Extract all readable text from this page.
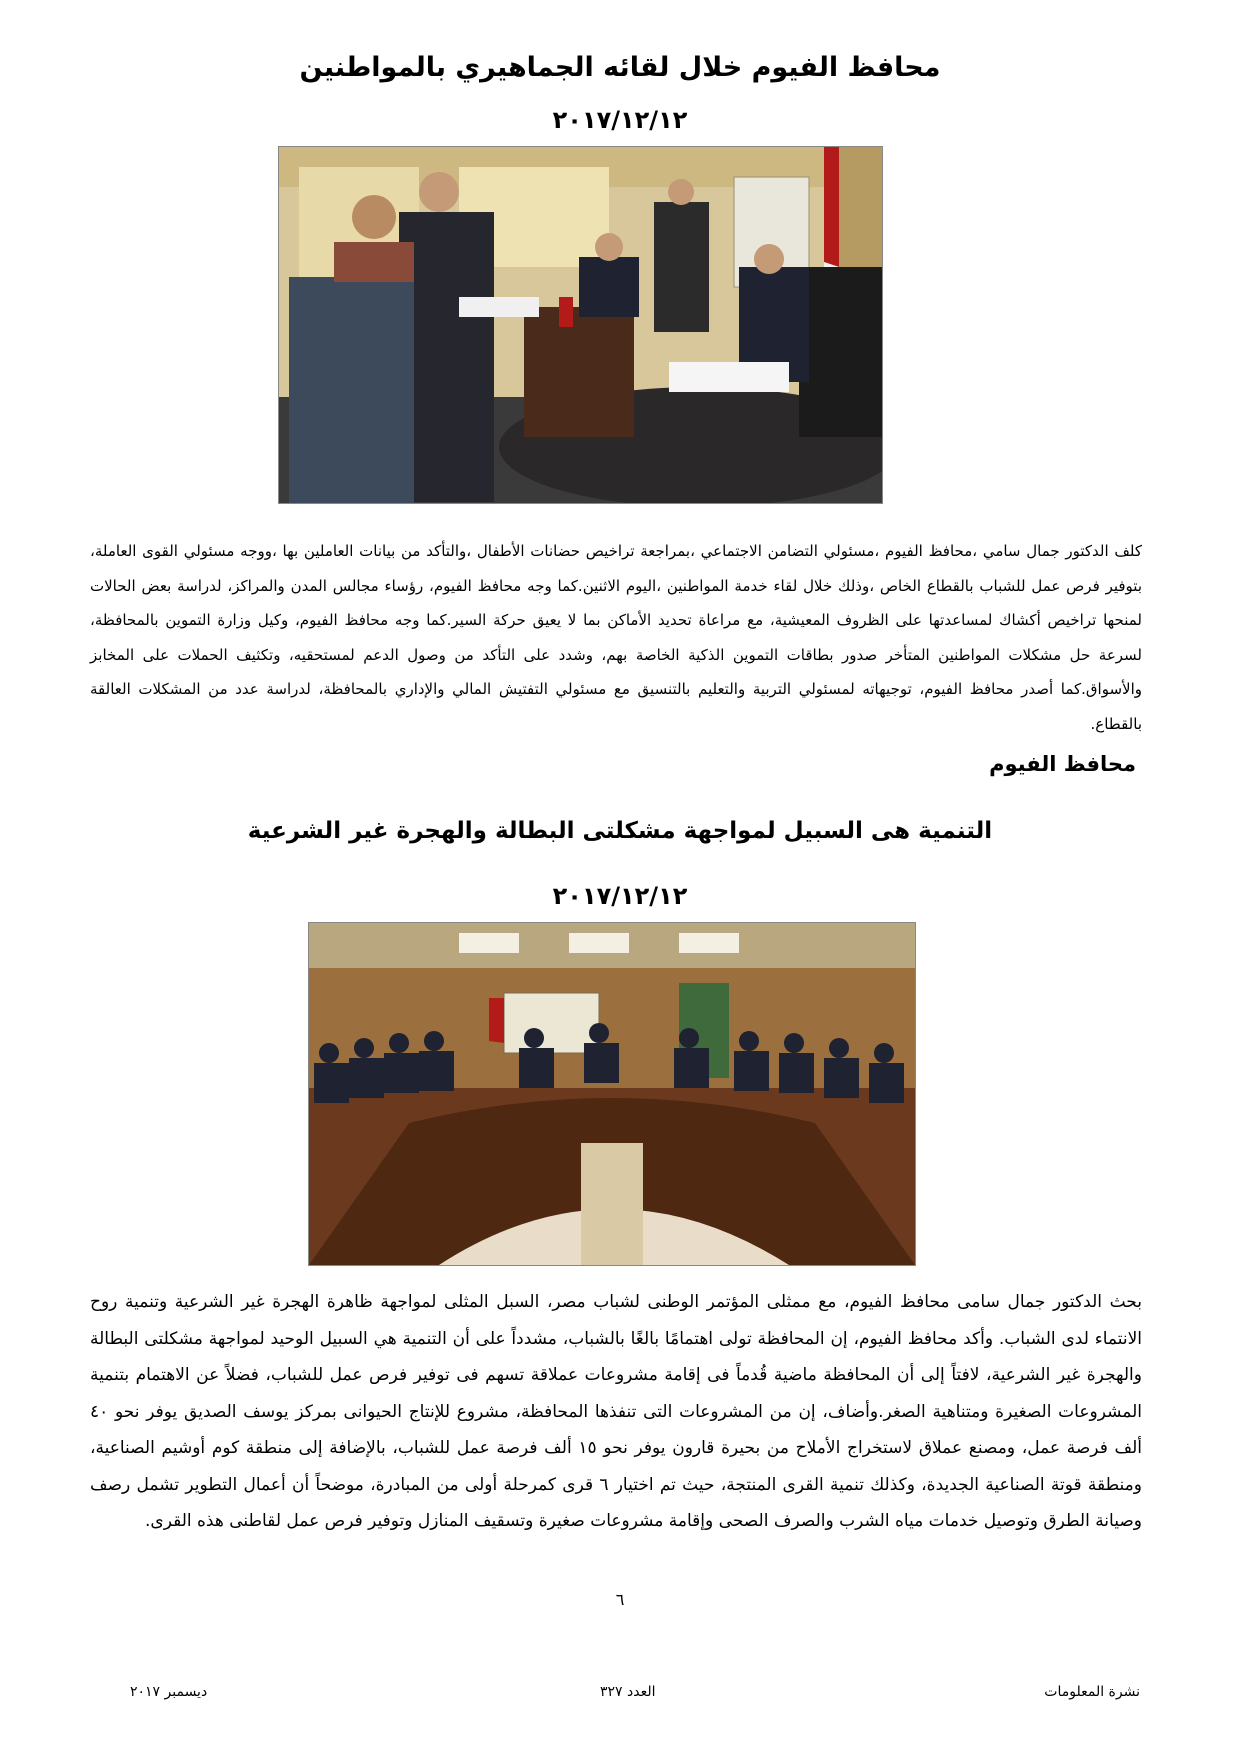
محافظ الفيوم خلال لقائه الجماهيري بالمواطنين
٢٠١٧/١٢/١٢
كلف الدكتور جمال سامي ،محافظ الفيوم ،مسئولي التضامن الاجتماعي ،بمراجعة تراخيص حضانات الأطفال ،والتأكد من بيانات العاملين بها ،ووجه مسئولي القوى العاملة، بتوفير فرص عمل للشباب بالقطاع الخاص ،وذلك خلال لقاء خدمة المواطنين ،اليوم الاثنين.كما وجه محافظ الفيوم، رؤساء مجالس المدن والمراكز، لدراسة بعض الحالات لمنحها تراخيص أكشاك لمساعدتها على الظروف المعيشية، مع مراعاة تحديد الأماكن بما لا يعيق حركة السير.كما وجه محافظ الفيوم، وكيل وزارة التموين بالمحافظة، لسرعة حل مشكلات المواطنين المتأخر صدور بطاقات التموين الذكية الخاصة بهم، وشدد على التأكد من وصول الدعم لمستحقيه، وتكثيف الحملات على المخابز والأسواق.كما أصدر محافظ الفيوم، توجيهاته لمسئولي التربية والتعليم بالتنسيق مع مسئولي التفتيش المالي والإداري بالمحافظة، لدراسة عدد من المشكلات العالقة بالقطاع.
محافظ الفيوم
التنمية هى السبيل لمواجهة مشكلتى البطالة والهجرة غير الشرعية
٢٠١٧/١٢/١٢
بحث الدكتور جمال سامى محافظ الفيوم، مع ممثلى المؤتمر الوطنى لشباب مصر، السبل المثلى لمواجهة ظاهرة الهجرة غير الشرعية وتنمية روح الانتماء لدى الشباب. وأكد محافظ الفيوم، إن المحافظة تولى اهتمامًا بالغًا بالشباب، مشدداً على أن التنمية هي السبيل الوحيد لمواجهة مشكلتى البطالة والهجرة غير الشرعية، لافتاً إلى أن المحافظة ماضية قُدماً فى إقامة مشروعات عملاقة تسهم فى توفير فرص عمل للشباب، فضلاً عن الاهتمام بتنمية المشروعات الصغيرة ومتناهية الصغر.وأضاف، إن من المشروعات التى تنفذها المحافظة، مشروع للإنتاج الحيوانى بمركز يوسف الصديق يوفر نحو ٤٠ ألف فرصة عمل، ومصنع عملاق لاستخراج الأملاح من بحيرة قارون يوفر نحو ١٥ ألف فرصة عمل للشباب، بالإضافة إلى منطقة كوم أوشيم الصناعية، ومنطقة قوتة الصناعية الجديدة، وكذلك تنمية القرى المنتجة، حيث تم اختيار ٦ قرى كمرحلة أولى من المبادرة، موضحاً أن أعمال التطوير تشمل رصف وصيانة الطرق وتوصيل خدمات مياه الشرب والصرف الصحى وإقامة مشروعات صغيرة وتسقيف المنازل وتوفير فرص عمل لقاطنى هذه القرى.
٦
نشرة المعلومات
العدد ٣٢٧
ديسمبر ٢٠١٧
